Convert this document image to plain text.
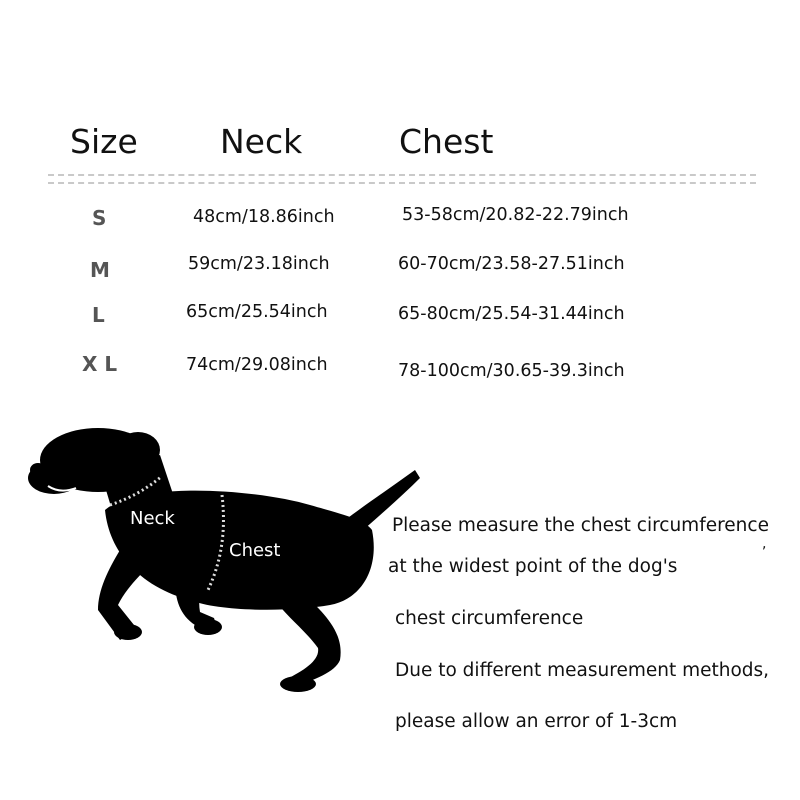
Size Neck	Chest
S	48cm/18.86inch	53-58cm/20.82-22.79inch
M	59cm/23.18inch	60-70cm/23.58-27.51inch
L	65cm/25.54inch	65-80cm/25.54-31.44inch
X L	74cm/29.08inch	78-100cm/30.65-39.3inch
Neck
Chest
Please measure the chest circumference
,
at the widest point of the dog's
chest circumference
Due to different measurement methods,
please allow an error of 1-3cm
